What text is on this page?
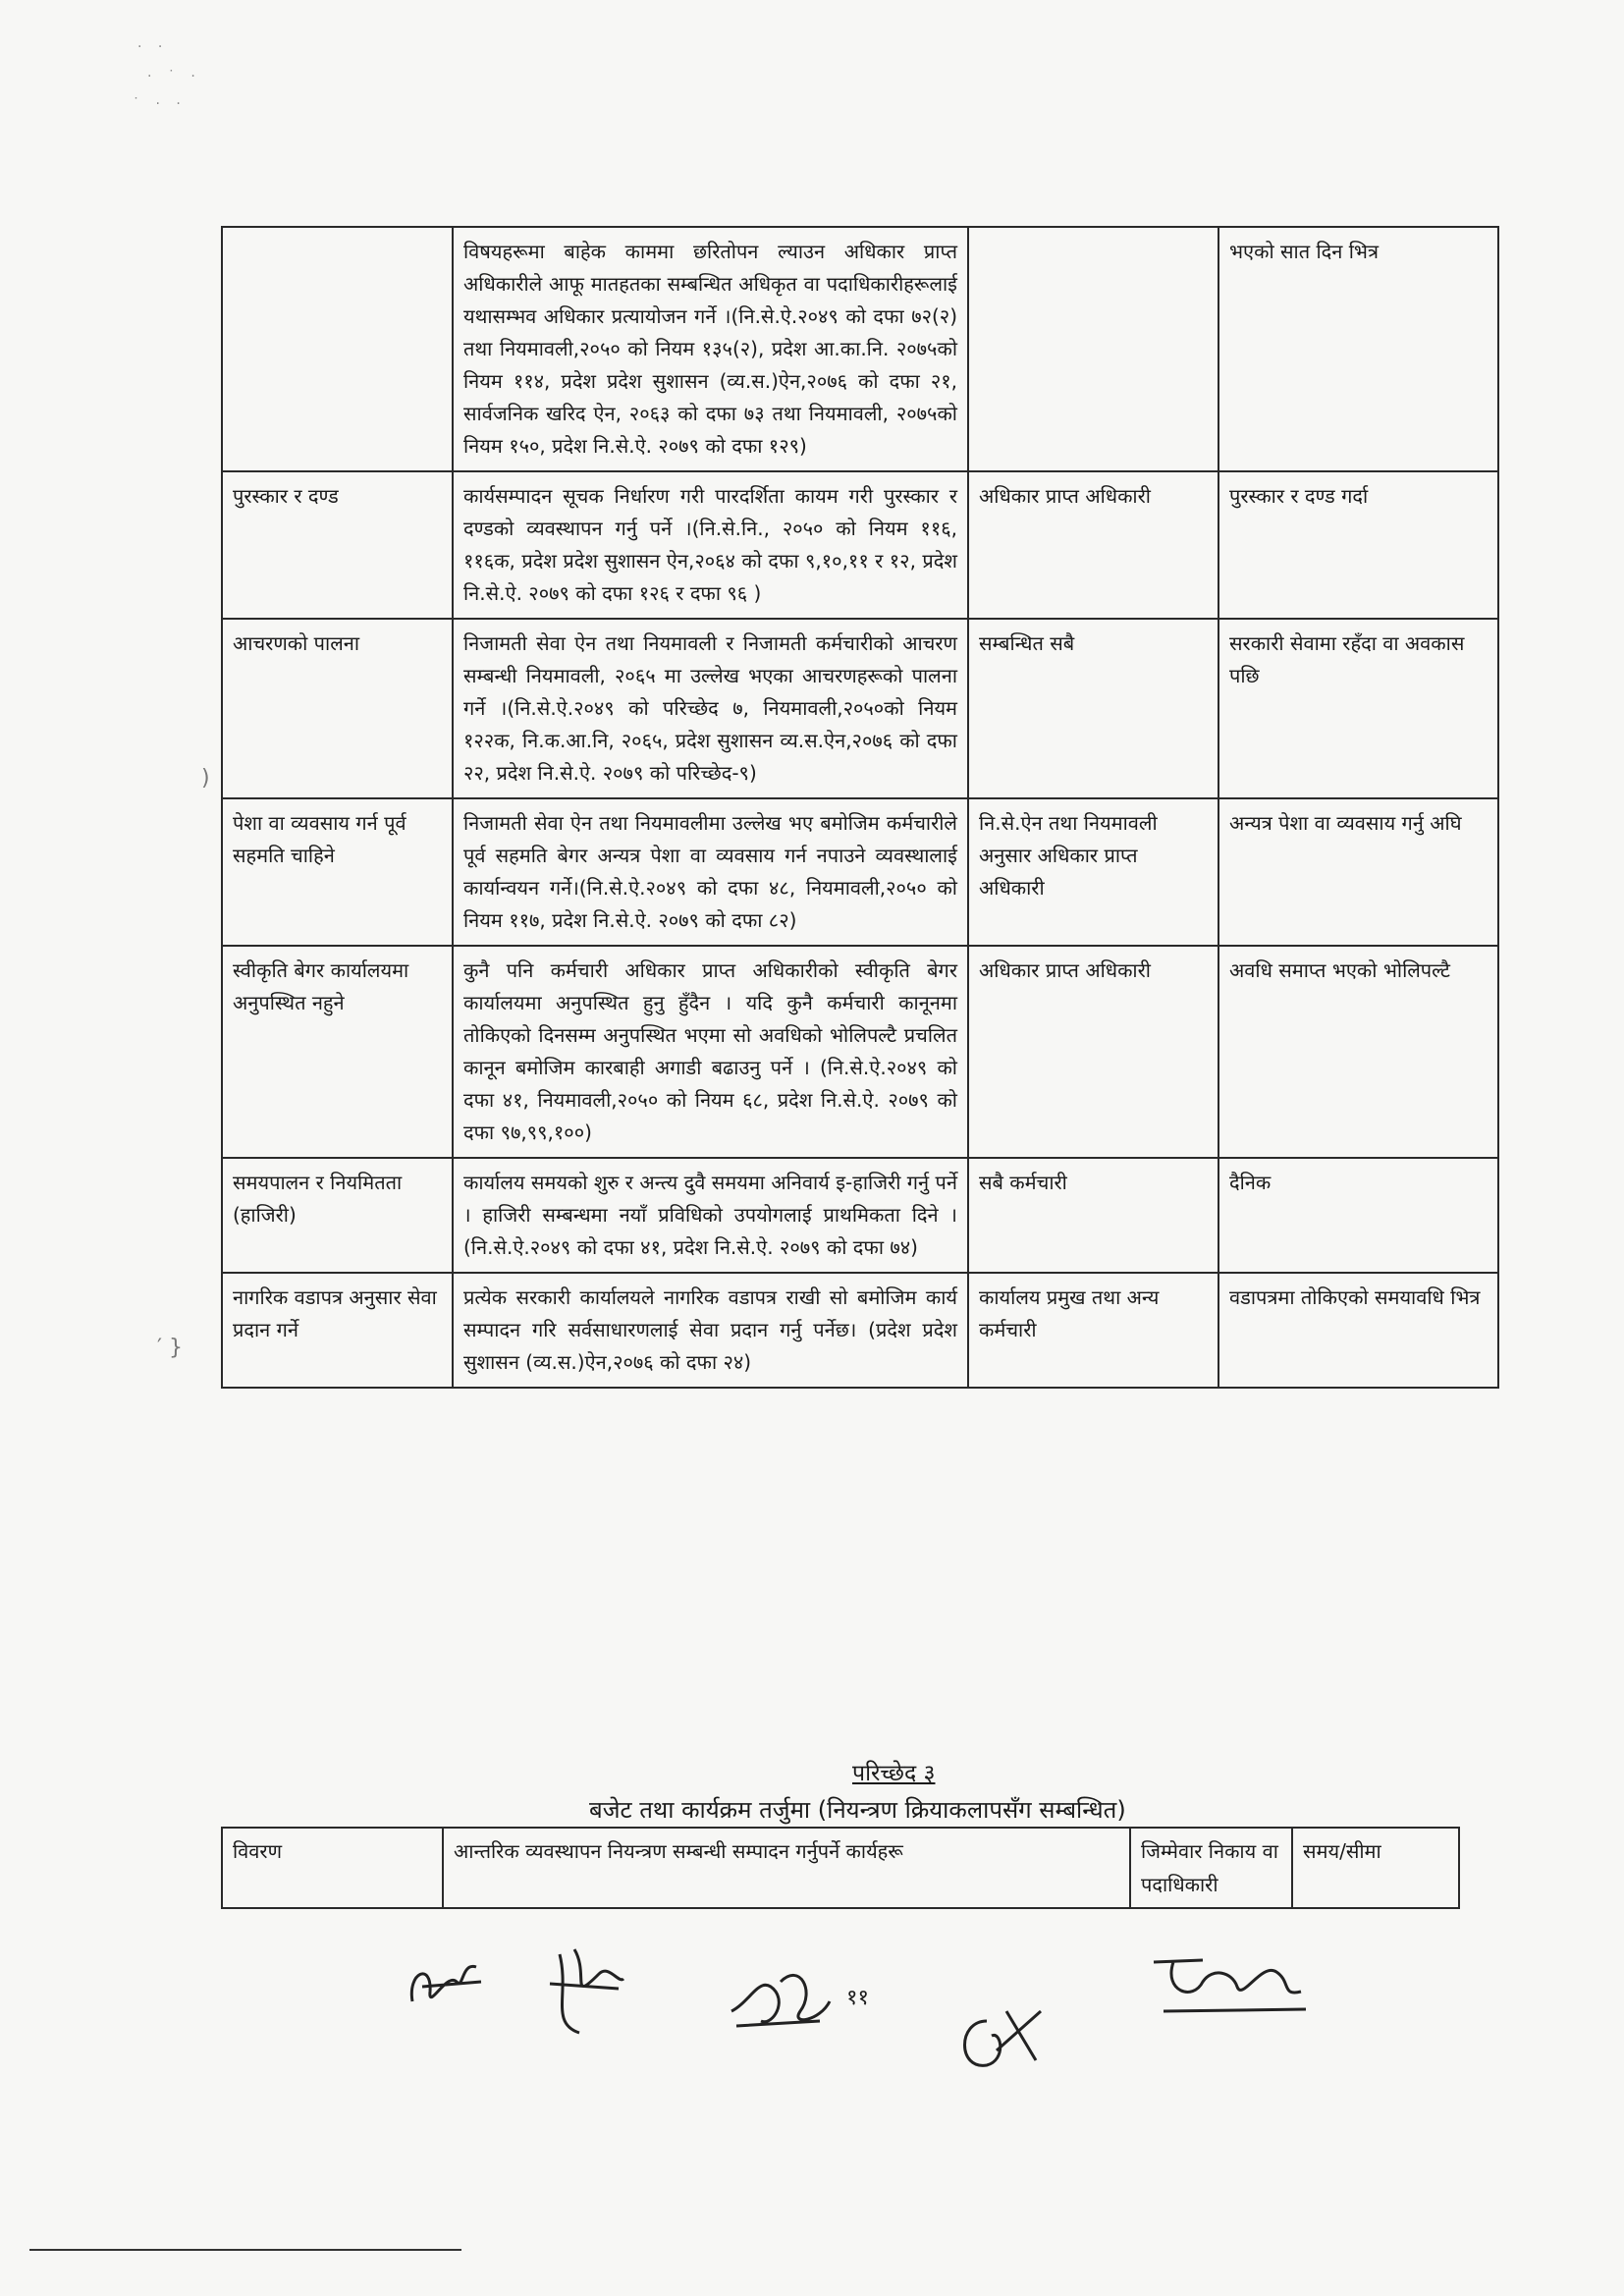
· ·
· ˙ ·
˙ · ·
)
′ }
	विषयहरूमा बाहेक काममा छरितोपन ल्याउन अधिकार प्राप्त अधिकारीले आफू मातहतका सम्बन्धित अधिकृत वा पदाधिकारीहरूलाई यथासम्भव अधिकार प्रत्यायोजन गर्ने ।(नि.से.ऐ.२०४९ को दफा ७२(२) तथा नियमावली,२०५० को नियम १३५(२), प्रदेश आ.का.नि. २०७५को नियम ११४, प्रदेश प्रदेश सुशासन (व्य.स.)ऐन,२०७६ को दफा २१, सार्वजनिक खरिद ऐन, २०६३ को दफा ७३ तथा नियमावली, २०७५को नियम १५०, प्रदेश नि.से.ऐ. २०७९ को दफा १२९)		भएको सात दिन भित्र
पुरस्कार र दण्ड	कार्यसम्पादन सूचक निर्धारण गरी पारदर्शिता कायम गरी पुरस्कार र दण्डको व्यवस्थापन गर्नु पर्ने ।(नि.से.नि., २०५० को नियम ११६, ११६क, प्रदेश प्रदेश सुशासन ऐन,२०६४ को दफा ९,१०,११ र १२, प्रदेश नि.से.ऐ. २०७९ को दफा १२६ र दफा ९६ )	अधिकार प्राप्त अधिकारी	पुरस्कार र दण्ड गर्दा
आचरणको पालना	निजामती सेवा ऐन तथा नियमावली र निजामती कर्मचारीको आचरण सम्बन्धी नियमावली, २०६५ मा उल्लेख भएका आचरणहरूको पालना गर्ने ।(नि.से.ऐ.२०४९ को परिच्छेद ७, नियमावली,२०५०को नियम १२२क, नि.क.आ.नि, २०६५, प्रदेश सुशासन व्य.स.ऐन,२०७६ को दफा २२, प्रदेश नि.से.ऐ. २०७९ को परिच्छेद-९)	सम्बन्धित सबै	सरकारी सेवामा रहँदा वा अवकास पछि
पेशा वा व्यवसाय गर्न पूर्व सहमति चाहिने	निजामती सेवा ऐन तथा नियमावलीमा उल्लेख भए बमोजिम कर्मचारीले पूर्व सहमति बेगर अन्यत्र पेशा वा व्यवसाय गर्न नपाउने व्यवस्थालाई कार्यान्वयन गर्ने।(नि.से.ऐ.२०४९ को दफा ४८, नियमावली,२०५० को नियम ११७, प्रदेश नि.से.ऐ. २०७९ को दफा ८२)	नि.से.ऐन तथा नियमावली अनुसार अधिकार प्राप्त अधिकारी	अन्यत्र पेशा वा व्यवसाय गर्नु अघि
स्वीकृति बेगर कार्यालयमा अनुपस्थित नहुने	कुनै पनि कर्मचारी अधिकार प्राप्त अधिकारीको स्वीकृति बेगर कार्यालयमा अनुपस्थित हुनु हुँदैन । यदि कुनै कर्मचारी कानूनमा तोकिएको दिनसम्म अनुपस्थित भएमा सो अवधिको भोलिपल्टै प्रचलित कानून बमोजिम कारबाही अगाडी बढाउनु पर्ने । (नि.से.ऐ.२०४९ को दफा ४१, नियमावली,२०५० को नियम ६८, प्रदेश नि.से.ऐ. २०७९ को दफा ९७,९९,१००)	अधिकार प्राप्त अधिकारी	अवधि समाप्त भएको भोलिपल्टै
समयपालन र नियमितता (हाजिरी)	कार्यालय समयको शुरु र अन्त्य दुवै समयमा अनिवार्य इ-हाजिरी गर्नु पर्ने । हाजिरी सम्बन्धमा नयाँ प्रविधिको उपयोगलाई प्राथमिकता दिने । (नि.से.ऐ.२०४९ को दफा ४१, प्रदेश नि.से.ऐ. २०७९ को दफा ७४)	सबै कर्मचारी	दैनिक
नागरिक वडापत्र अनुसार सेवा प्रदान गर्ने	प्रत्येक सरकारी कार्यालयले नागरिक वडापत्र राखी सो बमोजिम कार्य सम्पादन गरि सर्वसाधारणलाई सेवा प्रदान गर्नु पर्नेछ। (प्रदेश प्रदेश सुशासन (व्य.स.)ऐन,२०७६ को दफा २४)	कार्यालय प्रमुख तथा अन्य कर्मचारी	वडापत्रमा तोकिएको समयावधि भित्र
परिच्छेद ३
बजेट तथा कार्यक्रम तर्जुमा (नियन्त्रण क्रियाकलापसँग सम्बन्धित)
विवरण	आन्तरिक व्यवस्थापन नियन्त्रण सम्बन्धी सम्पादन गर्नुपर्ने कार्यहरू	जिम्मेवार निकाय वा पदाधिकारी	समय/सीमा
११
